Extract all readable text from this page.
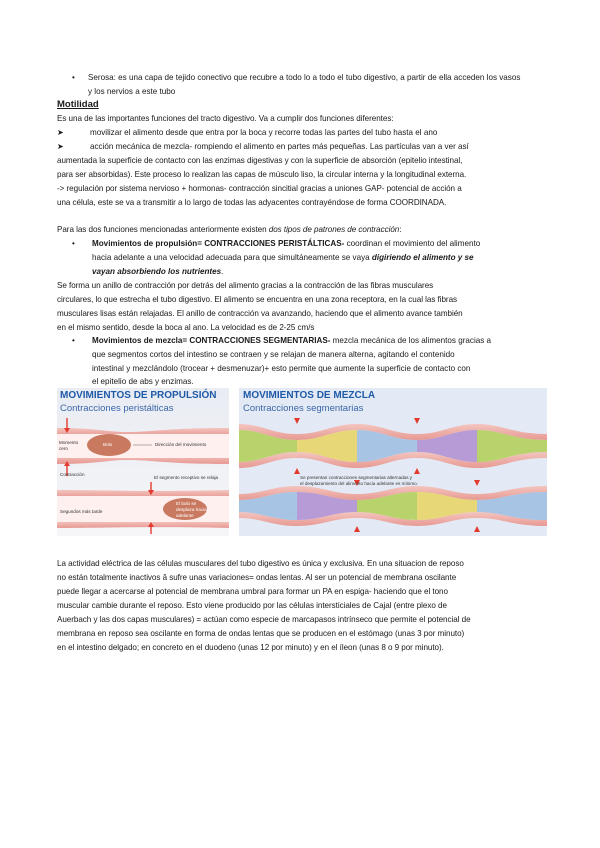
• Serosa: es una capa de tejido conectivo que recubre a todo lo a todo el tubo digestivo, a partir de ella acceden los vasos
y los nervios a este tubo
Motilidad
Es una de las importantes funciones del tracto digestivo. Va a cumplir dos funciones diferentes:
➤	movilizar el alimento desde que entra por la boca y recorre todas las partes del tubo hasta el ano
➤	acción mecánica de mezcla- rompiendo el alimento en partes más pequeñas. Las partículas van a ver así
aumentada la superficie de contacto con las enzimas digestivas y con la superficie de absorción (epitelio intestinal,
para ser absorbidas). Este proceso lo realizan las capas de músculo liso, la circular interna y la longitudinal externa.
-> regulación por sistema nervioso + hormonas- contracción sincitial gracias a uniones GAP- potencial de acción a
una célula, este se va a transmitir a lo largo de todas las adyacentes contrayéndose de forma COORDINADA.
Para las dos funciones mencionadas anteriormente existen dos tipos de patrones de contracción:
• Movimientos de propulsión= CONTRACCIONES PERISTÁLTICAS- coordinan el movimiento del alimento
hacia adelante a una velocidad adecuada para que simultáneamente se vaya digiriendo el alimento y se
vayan absorbiendo los nutrientes.
Se forma un anillo de contracción por detrás del alimento gracias a la contracción de las fibras musculares
circulares, lo que estrecha el tubo digestivo. El alimento se encuentra en una zona receptora, en la cual las fibras
musculares lisas están relajadas. El anillo de contracción va avanzando, haciendo que el alimento avance también
en el mismo sentido, desde la boca al ano. La velocidad es de 2-25 cm/s
• Movimientos de mezcla= CONTRACCIONES SEGMENTARIAS- mezcla mecánica de los alimentos gracias a
que segmentos cortos del intestino se contraen y se relajan de manera alterna, agitando el contenido
intestinal y mezclándolo (trocear + desmenuzar)+ esto permite que aumente la superficie de contacto con
el epitelio de abs y enzimas.
MOVIMIENTOS DE PROPULSIÓN
Contracciones peristálticas
MOVIMIENTOS DE MEZCLA
Contracciones segmentarias
Bolo
Momento
cero
Dirección del movimiento
Contracción
El segmento receptivo se relaja
Segundos más tarde
El bolo se
desplaza hacia
adelante
Se presentan contracciones segmentarias alternadas y
el desplazamiento del alimento hacia adelante es mínimo.
La actividad eléctrica de las células musculares del tubo digestivo es única y exclusiva. En una situacion de reposo
no están totalmente inactivos â sufre unas variaciones= ondas lentas. Al ser un potencial de membrana oscilante
puede llegar a acercarse al potencial de membrana umbral para formar un PA en espiga- haciendo que el tono
muscular cambie durante el reposo. Esto viene producido por las células intersticiales de Cajal (entre plexo de
Auerbach y las dos capas musculares) = actúan como especie de marcapasos intrínseco que permite el potencial de
membrana en reposo sea oscilante en forma de ondas lentas que se producen en el estómago (unas 3 por minuto)
en el intestino delgado; en concreto en el duodeno (unas 12 por minuto) y en el íleon (unas 8 o 9 por minuto).
